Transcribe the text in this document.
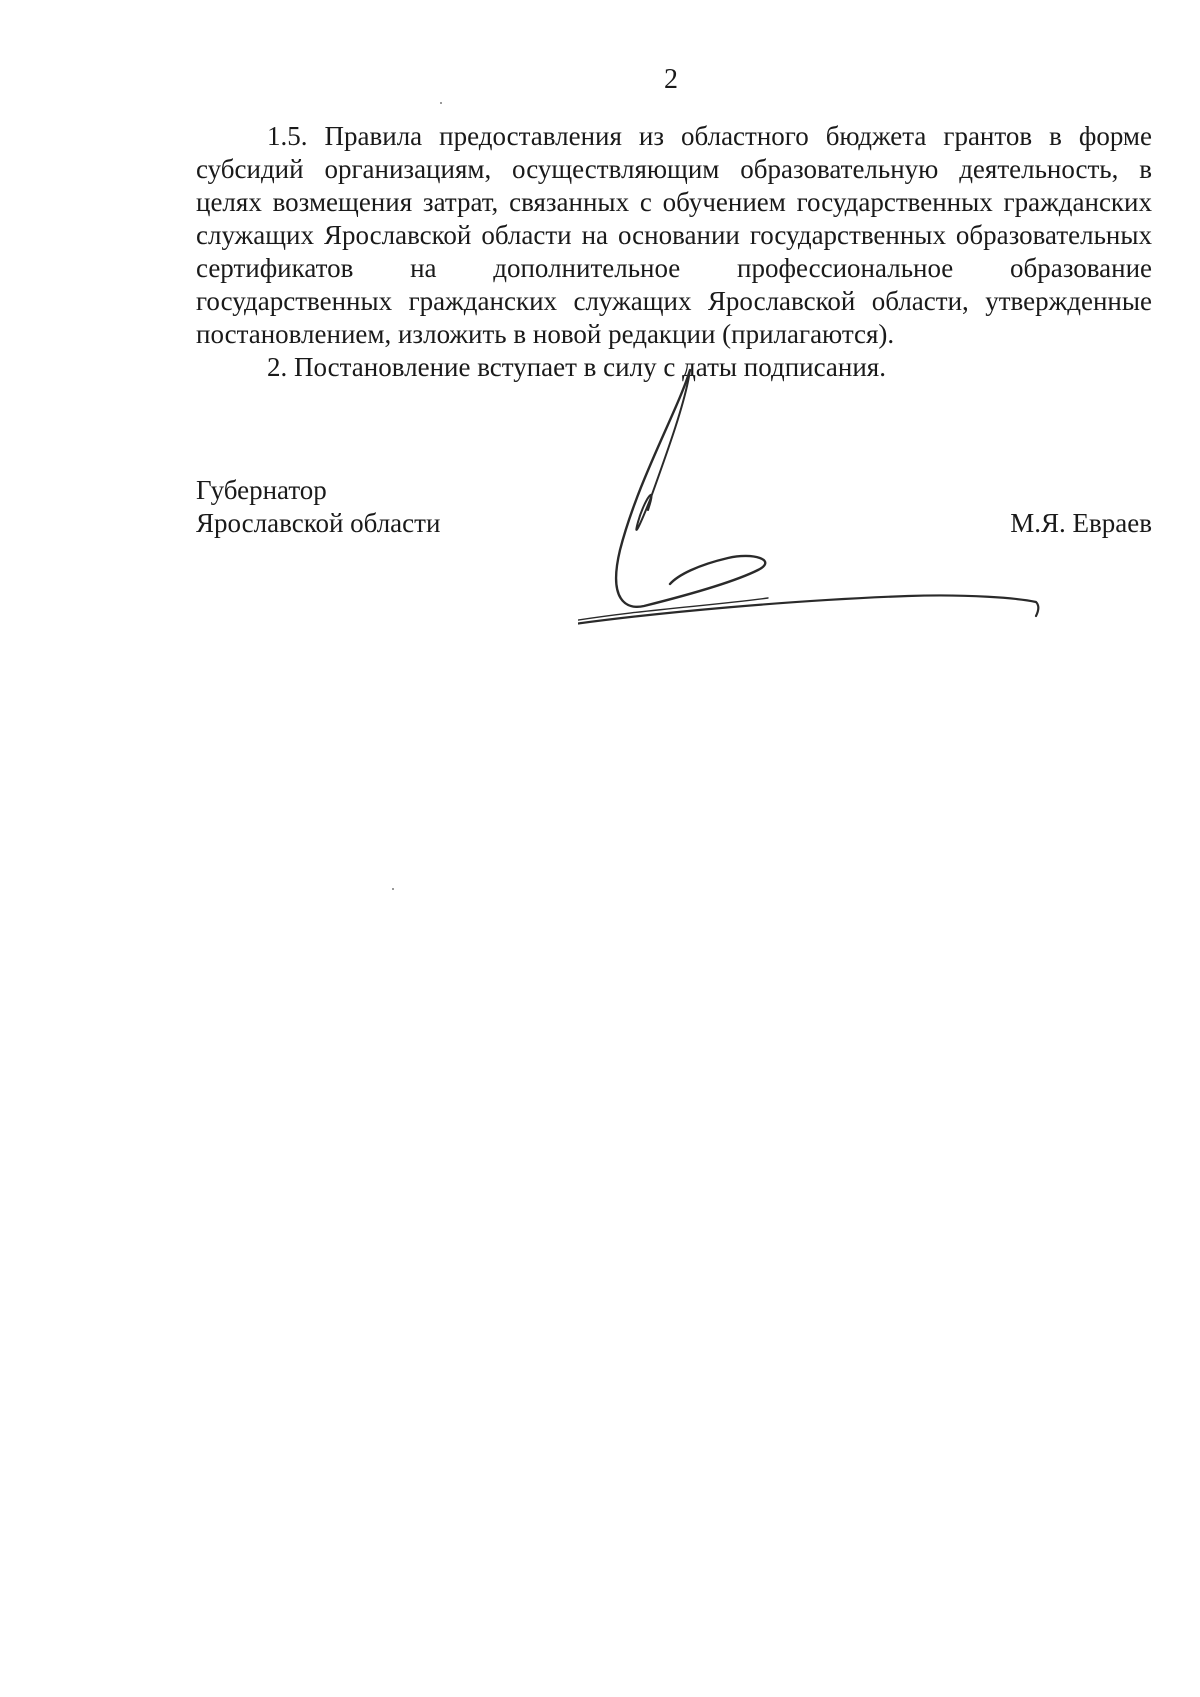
2

1.5. Правила предоставления из областного бюджета грантов в форме субсидий организациям, осуществляющим образовательную деятельность, в целях возмещения затрат, связанных с обучением государственных гражданских служащих Ярославской области на основании государственных образовательных сертификатов на дополнительное профессиональное образование государственных гражданских служащих Ярославской области, утвержденные постановлением, изложить в новой редакции (прилагаются).

2. Постановление вступает в силу с даты подписания.

Губернатор
Ярославской области	М.Я. Евраев
